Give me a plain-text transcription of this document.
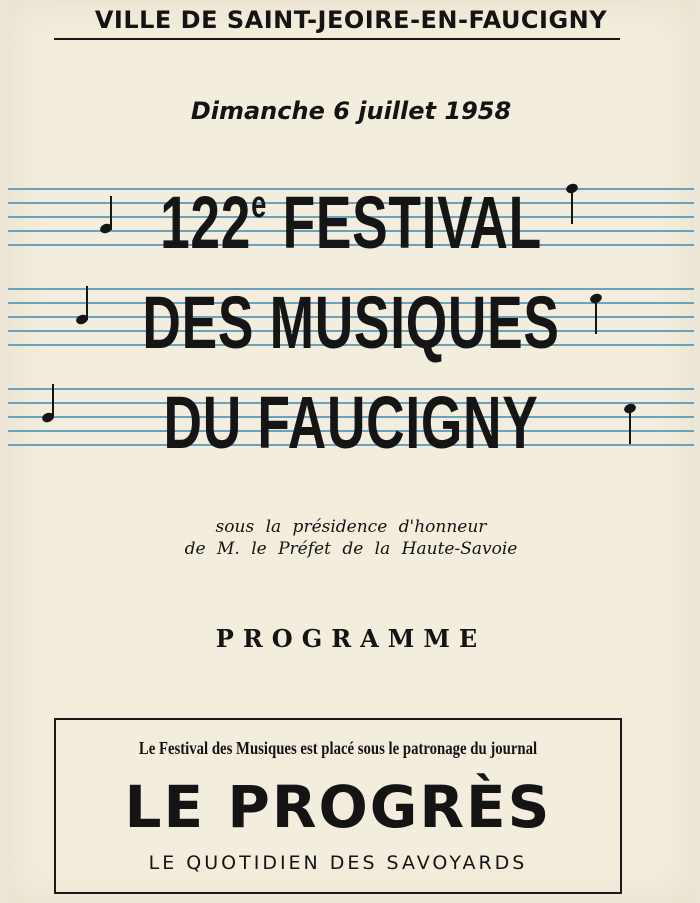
VILLE DE SAINT-JEOIRE-EN-FAUCIGNY
Dimanche 6 juillet 1958
122e FESTIVAL
DES MUSIQUES
DU FAUCIGNY
sous la présidence d'honneur
de M. le Préfet de la Haute-Savoie
PROGRAMME
Le Festival des Musiques est placé sous le patronage du journal
LE PROGRÈS
LE QUOTIDIEN DES SAVOYARDS
